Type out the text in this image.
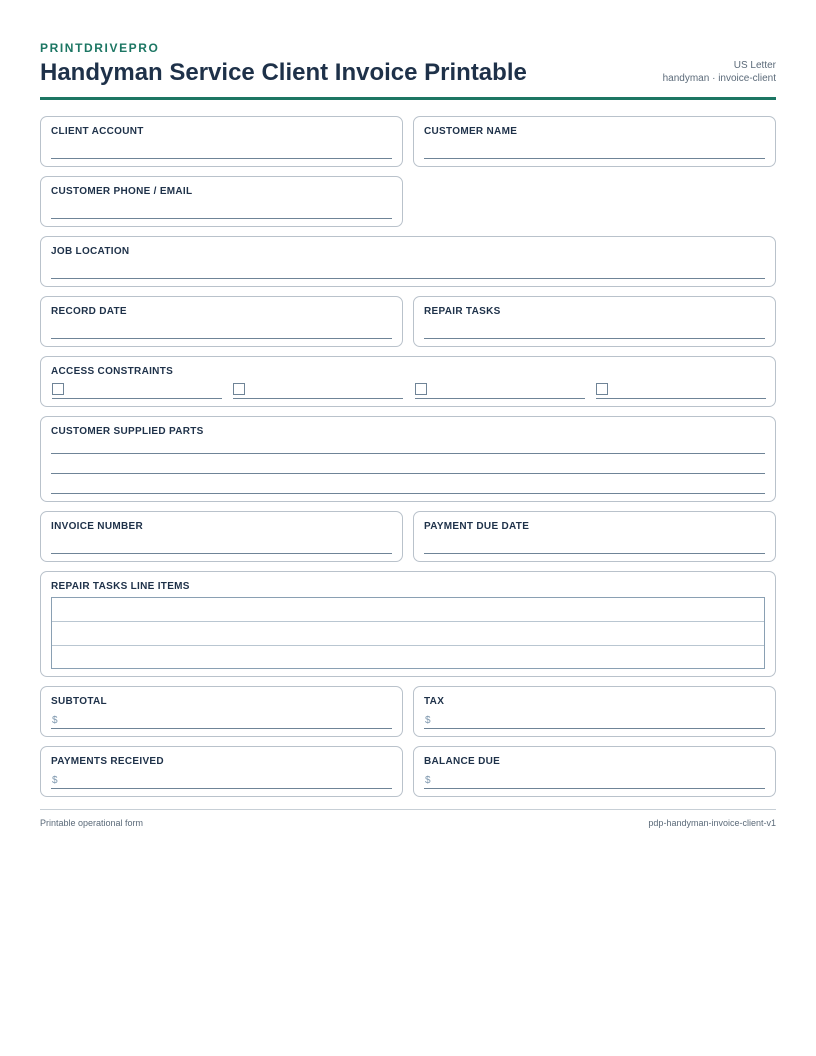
PRINTDRIVEPRO
Handyman Service Client Invoice Printable	US Letter
handyman · invoice-client
CLIENT ACCOUNT	CUSTOMER NAME
CUSTOMER PHONE / EMAIL
JOB LOCATION
RECORD DATE	REPAIR TASKS
ACCESS CONSTRAINTS
CUSTOMER SUPPLIED PARTS
INVOICE NUMBER	PAYMENT DUE DATE
REPAIR TASKS LINE ITEMS
SUBTOTAL
$
TAX
$
PAYMENTS RECEIVED
$
BALANCE DUE
$
Printable operational form	pdp-handyman-invoice-client-v1
